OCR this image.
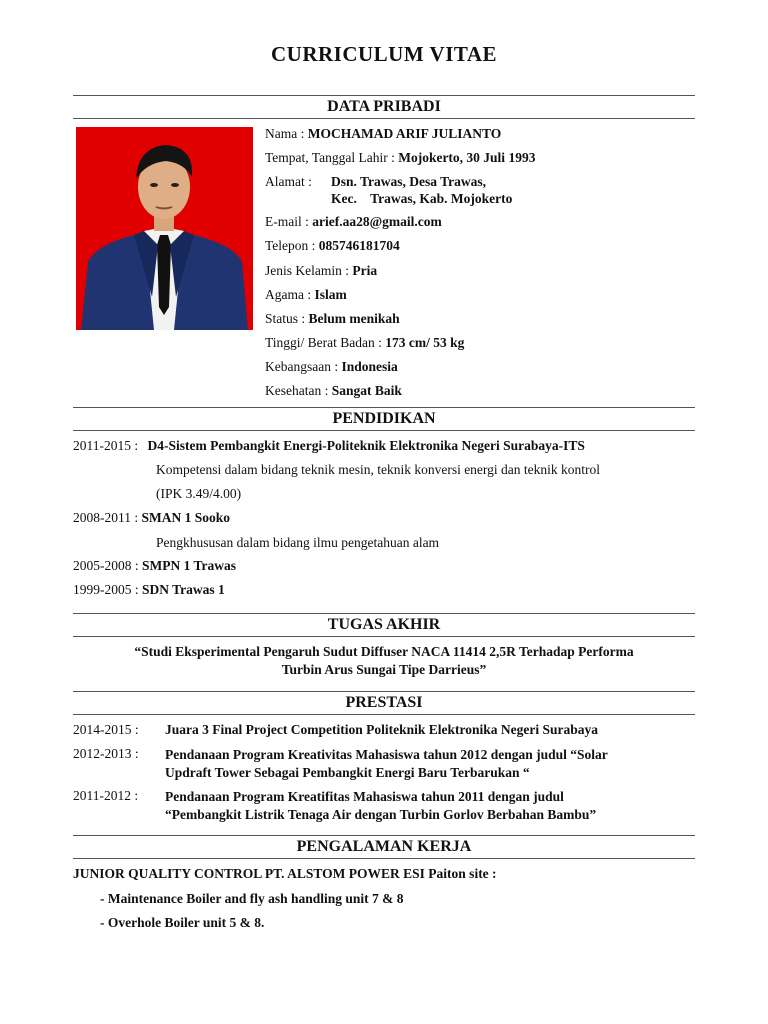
CURRICULUM VITAE
DATA PRIBADI
Nama : MOCHAMAD ARIF JULIANTO
Tempat, Tanggal Lahir : Mojokerto, 30 Juli 1993
Alamat : Dsn. Trawas, Desa Trawas,
Kec.    Trawas, Kab. Mojokerto
E-mail : arief.aa28@gmail.com
Telepon : 085746181704
Jenis Kelamin : Pria
Agama : Islam
Status : Belum menikah
Tinggi/ Berat Badan : 173 cm/ 53 kg
Kebangsaan : Indonesia
Kesehatan : Sangat Baik
PENDIDIKAN
2011-2015 : D4-Sistem Pembangkit Energi-Politeknik Elektronika Negeri Surabaya-ITS
Kompetensi dalam bidang teknik mesin, teknik konversi energi dan teknik kontrol
(IPK 3.49/4.00)
2008-2011 : SMAN 1 Sooko
Pengkhususan dalam bidang ilmu pengetahuan alam
2005-2008 : SMPN 1 Trawas
1999-2005 : SDN Trawas 1
TUGAS AKHIR
“Studi Eksperimental Pengaruh Sudut Diffuser NACA 11414 2,5R Terhadap Performa
Turbin Arus Sungai Tipe Darrieus”
PRESTASI
2014-2015 : Juara 3 Final Project Competition Politeknik Elektronika Negeri Surabaya
2012-2013 : Pendanaan Program Kreativitas Mahasiswa tahun 2012 dengan judul “Solar
Updraft Tower Sebagai Pembangkit Energi Baru Terbarukan “
2011-2012 : Pendanaan Program Kreatifitas Mahasiswa tahun 2011 dengan judul
“Pembangkit Listrik Tenaga Air dengan Turbin Gorlov Berbahan Bambu”
PENGALAMAN KERJA
JUNIOR QUALITY CONTROL PT. ALSTOM POWER ESI Paiton site :
- Maintenance Boiler and fly ash handling unit 7 & 8
- Overhole Boiler unit 5 & 8.
